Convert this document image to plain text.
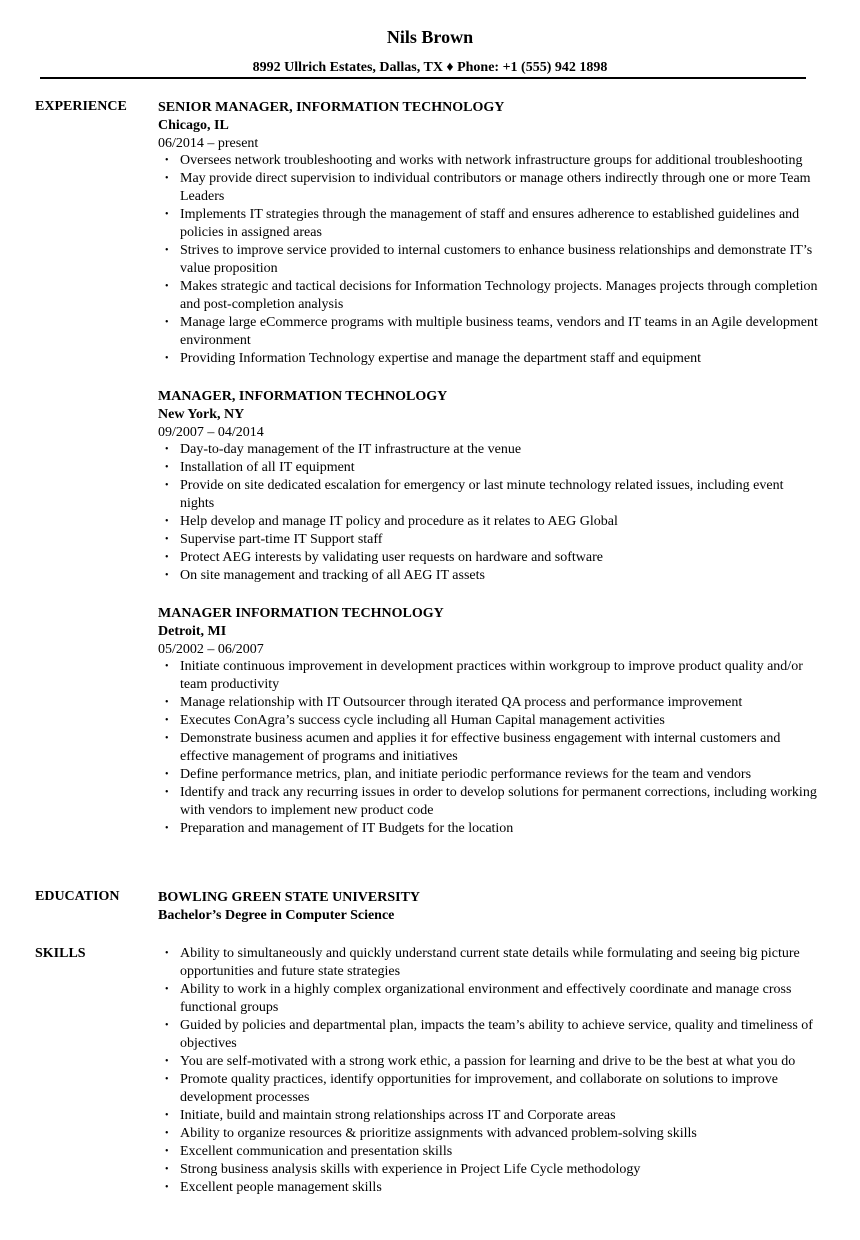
Nils Brown
8992 Ullrich Estates, Dallas, TX ♦ Phone: +1 (555) 942 1898
EXPERIENCE SENIOR MANAGER, INFORMATION TECHNOLOGY
Chicago, IL
06/2014 – present
• Oversees network troubleshooting and works with network infrastructure groups for additional troubleshooting
• May provide direct supervision to individual contributors or manage others indirectly through one or more Team Leaders
• Implements IT strategies through the management of staff and ensures adherence to established guidelines and policies in assigned areas
• Strives to improve service provided to internal customers to enhance business relationships and demonstrate IT’s value proposition
• Makes strategic and tactical decisions for Information Technology projects. Manages projects through completion and post-completion analysis
• Manage large eCommerce programs with multiple business teams, vendors and IT teams in an Agile development environment
• Providing Information Technology expertise and manage the department staff and equipment
MANAGER, INFORMATION TECHNOLOGY
New York, NY
09/2007 – 04/2014
• Day-to-day management of the IT infrastructure at the venue
• Installation of all IT equipment
• Provide on site dedicated escalation for emergency or last minute technology related issues, including event nights
• Help develop and manage IT policy and procedure as it relates to AEG Global
• Supervise part-time IT Support staff
• Protect AEG interests by validating user requests on hardware and software
• On site management and tracking of all AEG IT assets
MANAGER INFORMATION TECHNOLOGY
Detroit, MI
05/2002 – 06/2007
• Initiate continuous improvement in development practices within workgroup to improve product quality and/or team productivity
• Manage relationship with IT Outsourcer through iterated QA process and performance improvement
• Executes ConAgra’s success cycle including all Human Capital management activities
• Demonstrate business acumen and applies it for effective business engagement with internal customers and effective management of programs and initiatives
• Define performance metrics, plan, and initiate periodic performance reviews for the team and vendors
• Identify and track any recurring issues in order to develop solutions for permanent corrections, including working with vendors to implement new product code
• Preparation and management of IT Budgets for the location
EDUCATION	BOWLING GREEN STATE UNIVERSITY
Bachelor’s Degree in Computer Science
SKILLS	• Ability to simultaneously and quickly understand current state details while formulating and seeing big picture opportunities and future state strategies
• Ability to work in a highly complex organizational environment and effectively coordinate and manage cross functional groups
• Guided by policies and departmental plan, impacts the team’s ability to achieve service, quality and timeliness of objectives
• You are self-motivated with a strong work ethic, a passion for learning and drive to be the best at what you do
• Promote quality practices, identify opportunities for improvement, and collaborate on solutions to improve development processes
• Initiate, build and maintain strong relationships across IT and Corporate areas
• Ability to organize resources & prioritize assignments with advanced problem-solving skills
• Excellent communication and presentation skills
• Strong business analysis skills with experience in Project Life Cycle methodology
• Excellent people management skills
